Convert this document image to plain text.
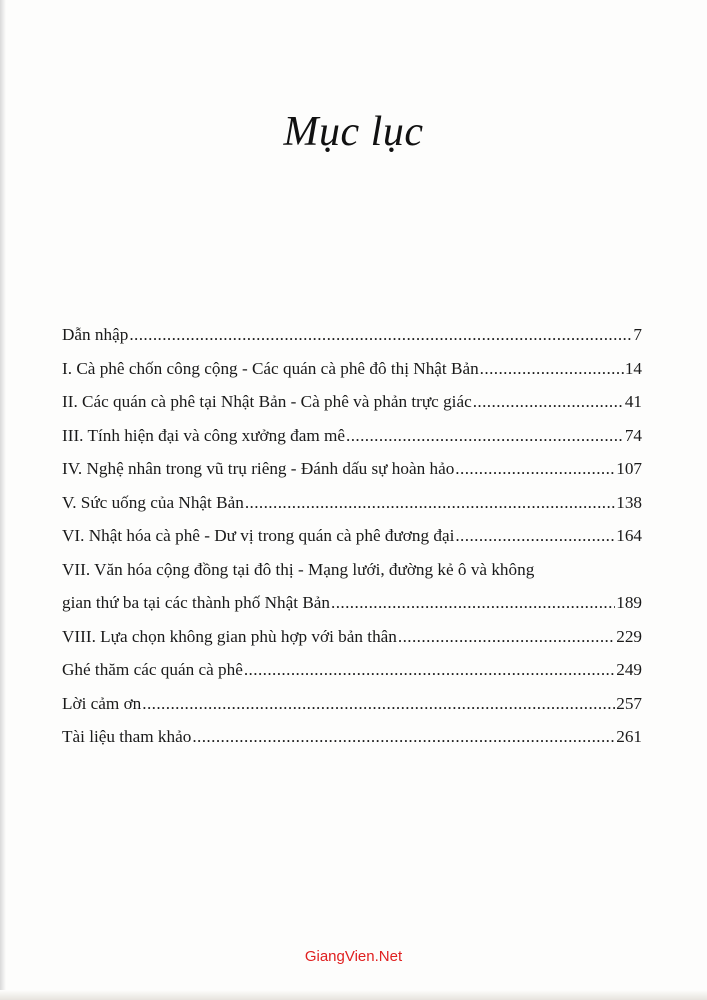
Mục lục
Dẫn nhập .....	7
I. Cà phê chốn công cộng - Các quán cà phê đô thị Nhật Bản .....	14
II. Các quán cà phê tại Nhật Bản - Cà phê và phản trực giác .....	41
III. Tính hiện đại và công xưởng đam mê .....	74
IV. Nghệ nhân trong vũ trụ riêng - Đánh dấu sự hoàn hảo .....	107
V. Sức uống của Nhật Bản .....	138
VI. Nhật hóa cà phê - Dư vị trong quán cà phê đương đại .....	164
VII. Văn hóa cộng đồng tại đô thị - Mạng lưới, đường kẻ ô và không
gian thứ ba tại các thành phố Nhật Bản .....	189
VIII. Lựa chọn không gian phù hợp với bản thân .....	229
Ghé thăm các quán cà phê .....	249
Lời cảm ơn .....	257
Tài liệu tham khảo .....	261
GiangVien.Net
